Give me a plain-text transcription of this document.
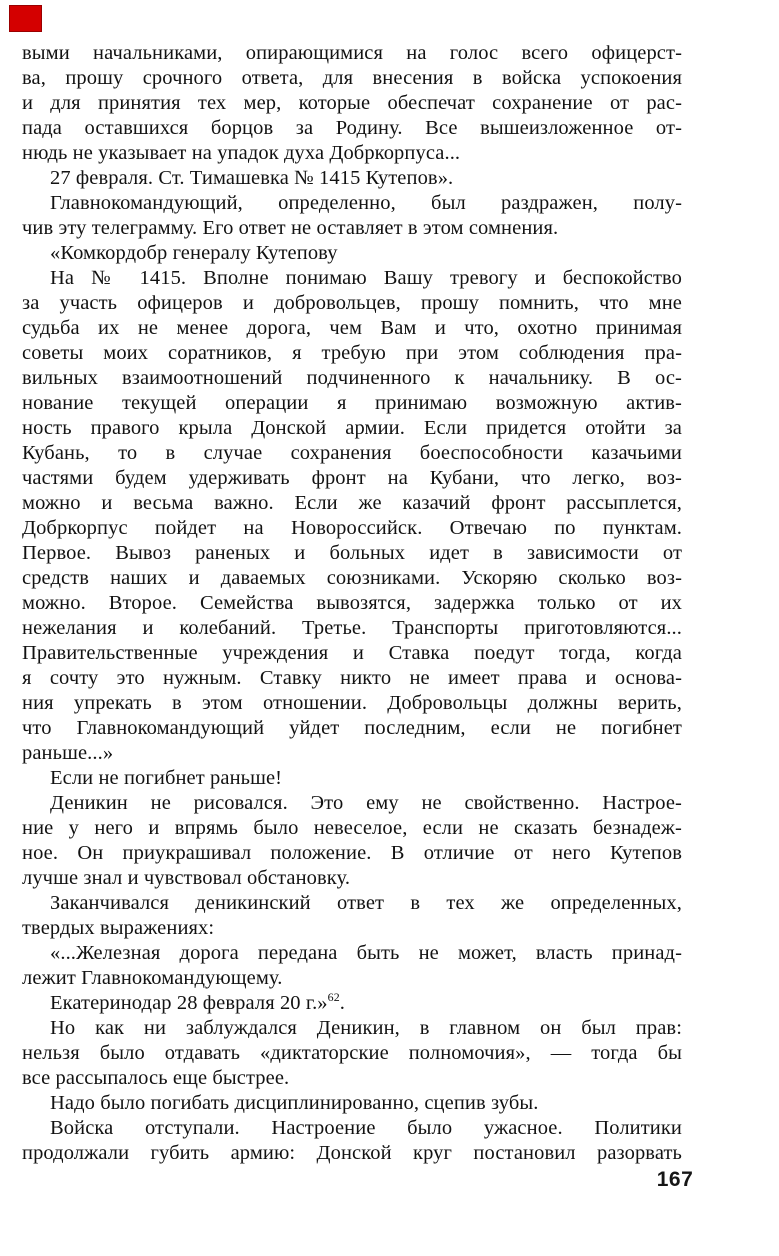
выми начальниками, опирающимися на голос всего офицерст-
ва, прошу срочного ответа, для внесения в войска успокоения
и для принятия тех мер, которые обеспечат сохранение от рас-
пада оставшихся борцов за Родину. Все вышеизложенное от-
нюдь не указывает на упадок духа Добркорпуса...
27 февраля. Ст. Тимашевка № 1415 Кутепов».
Главнокомандующий, определенно, был раздражен, полу-
чив эту телеграмму. Его ответ не оставляет в этом сомнения.
«Комкордобр генералу Кутепову
На № 1415. Вполне понимаю Вашу тревогу и беспокойство
за участь офицеров и добровольцев, прошу помнить, что мне
судьба их не менее дорога, чем Вам и что, охотно принимая
советы моих соратников, я требую при этом соблюдения пра-
вильных взаимоотношений подчиненного к начальнику. В ос-
нование текущей операции я принимаю возможную актив-
ность правого крыла Донской армии. Если придется отойти за
Кубань, то в случае сохранения боеспособности казачьими
частями будем удерживать фронт на Кубани, что легко, воз-
можно и весьма важно. Если же казачий фронт рассыплется,
Добркорпус пойдет на Новороссийск. Отвечаю по пунктам.
Первое. Вывоз раненых и больных идет в зависимости от
средств наших и даваемых союзниками. Ускоряю сколько воз-
можно. Второе. Семейства вывозятся, задержка только от их
нежелания и колебаний. Третье. Транспорты приготовляются...
Правительственные учреждения и Ставка поедут тогда, когда
я сочту это нужным. Ставку никто не имеет права и основа-
ния упрекать в этом отношении. Добровольцы должны верить,
что Главнокомандующий уйдет последним, если не погибнет
раньше...»
Если не погибнет раньше!
Деникин не рисовался. Это ему не свойственно. Настрое-
ние у него и впрямь было невеселое, если не сказать безнадеж-
ное. Он приукрашивал положение. В отличие от него Кутепов
лучше знал и чувствовал обстановку.
Заканчивался деникинский ответ в тех же определенных,
твердых выражениях:
«...Железная дорога передана быть не может, власть принад-
лежит Главнокомандующему.
Екатеринодар 28 февраля 20 г.»$^{62}$.
Но как ни заблуждался Деникин, в главном он был прав:
нельзя было отдавать «диктаторские полномочия», — тогда бы
все рассыпалось еще быстрее.
Надо было погибать дисциплинированно, сцепив зубы.
Войска отступали. Настроение было ужасное. Политики
продолжали губить армию: Донской круг постановил разорвать
167
